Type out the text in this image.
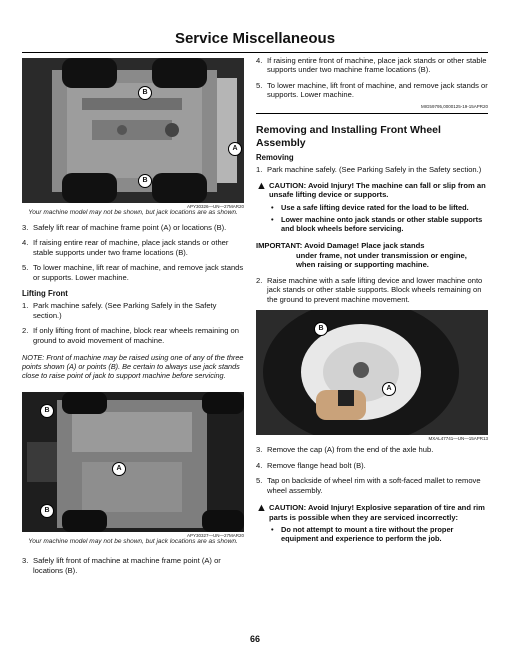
Service Miscellaneous
B
A
B
APY30326—UN—27MAR20
Your machine model may not be shown, but jack locations are as shown.
3. Safely lift rear of machine frame point (A) or locations (B).
4. If raising entire rear of machine, place jack stands or other stable supports under two frame locations (B).
5. To lower machine, lift rear of machine, and remove jack stands or supports. Lower machine.
Lifting Front
1. Park machine safely. (See Parking Safely in the Safety section.)
2. If only lifting front of machine, block rear wheels remaining on ground to avoid movement of machine.
NOTE: Front of machine may be raised using one of any of the three points shown (A) or points (B). Be certain to always use jack stands close to raise point of jack to support machine before servicing.
B
A
B
APY30327—UN—27MAR20
Your machine model may not be shown, but jack locations are as shown.
3. Safely lift front of machine at machine frame point (A) or locations (B).
4. If raising entire front of machine, place jack stands or other stable supports under two machine frame locations (B).
5. To lower machine, lift front of machine, and remove jack stands or supports. Lower machine.
MIG59795,0000125-19-15APR20
Removing and Installing Front Wheel Assembly
Removing
1. Park machine safely. (See Parking Safely in the Safety section.)
▲ CAUTION: Avoid Injury! The machine can fall or slip from an unsafe lifting device or supports.
•	Use a safe lifting device rated for the load to be lifted.
•	Lower machine onto jack stands or other stable supports and block wheels before servicing.
IMPORTANT: Avoid Damage! Place jack stands
under frame, not under transmission or engine, when raising or supporting machine.
2. Raise machine with a safe lifting device and lower machine onto jack stands or other stable supports. Block wheels remaining on the ground to prevent machine movement.
B
A
MXAL47741—UN—15APR13
3. Remove the cap (A) from the end of the axle hub.
4. Remove flange head bolt (B).
5. Tap on backside of wheel rim with a soft-faced mallet to remove wheel assembly.
▲ CAUTION: Avoid Injury! Explosive separation of tire and rim parts is possible when they are serviced incorrectly:
•	Do not attempt to mount a tire without the proper equipment and experience to perform the job.
66
